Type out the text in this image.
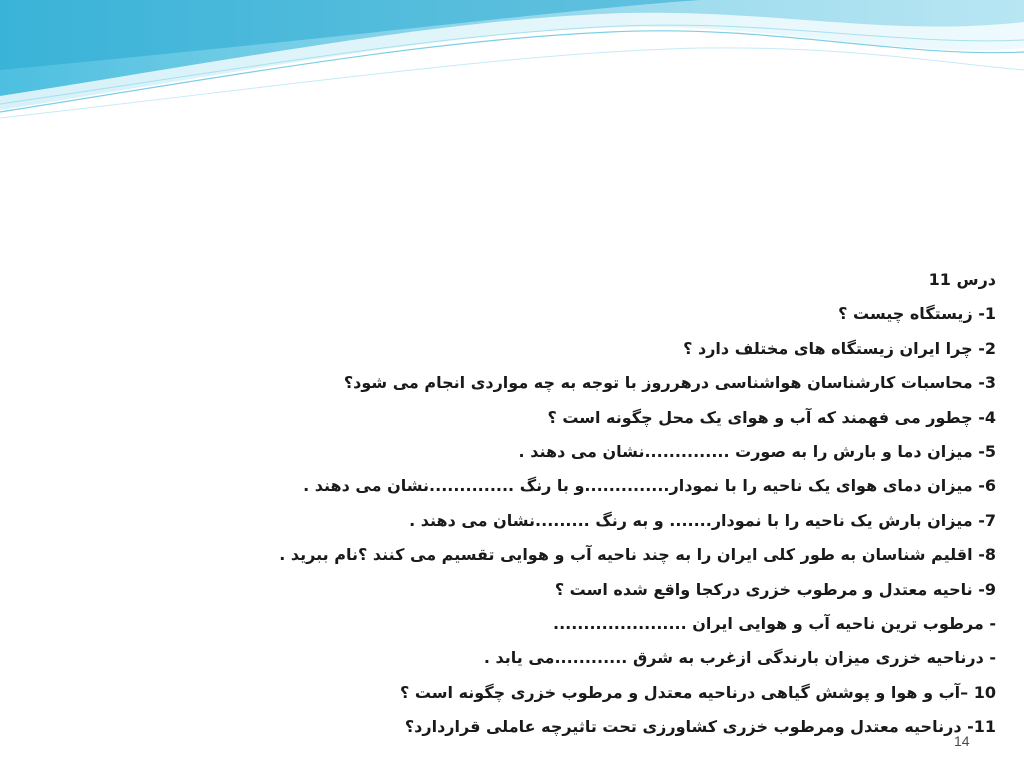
درس 11
1- زیستگاه چیست ؟
2- چرا ایران زیستگاه های مختلف دارد ؟
3- محاسبات کارشناسان هواشناسی درهرروز با توجه به چه مواردی انجام می شود؟
4- چطور می فهمند که آب و هوای یک محل چگونه است ؟
5- میزان دما و بارش را به صورت ..............نشان می دهند .
6- میزان دمای هوای یک ناحیه را با نمودار..............و با رنگ ..............نشان می دهند .
7- میزان بارش یک ناحیه را با نمودار....... و به رنگ .........نشان می دهند .
8- اقلیم شناسان به طور کلی ایران را به چند ناحیه آب و هوایی تقسیم می کنند ؟نام ببرید .
9- ناحیه معتدل و مرطوب خزری درکجا واقع شده است ؟
- مرطوب ترین ناحیه آب و هوایی ایران ......................
- درناحیه خزری میزان بارندگی ازغرب به شرق ............می یابد .
10 –آب و هوا و پوشش گیاهی درناحیه معتدل و مرطوب خزری چگونه است ؟
11- درناحیه معتدل ومرطوب خزری کشاورزی تحت تاثیرچه عاملی قراردارد؟
14
